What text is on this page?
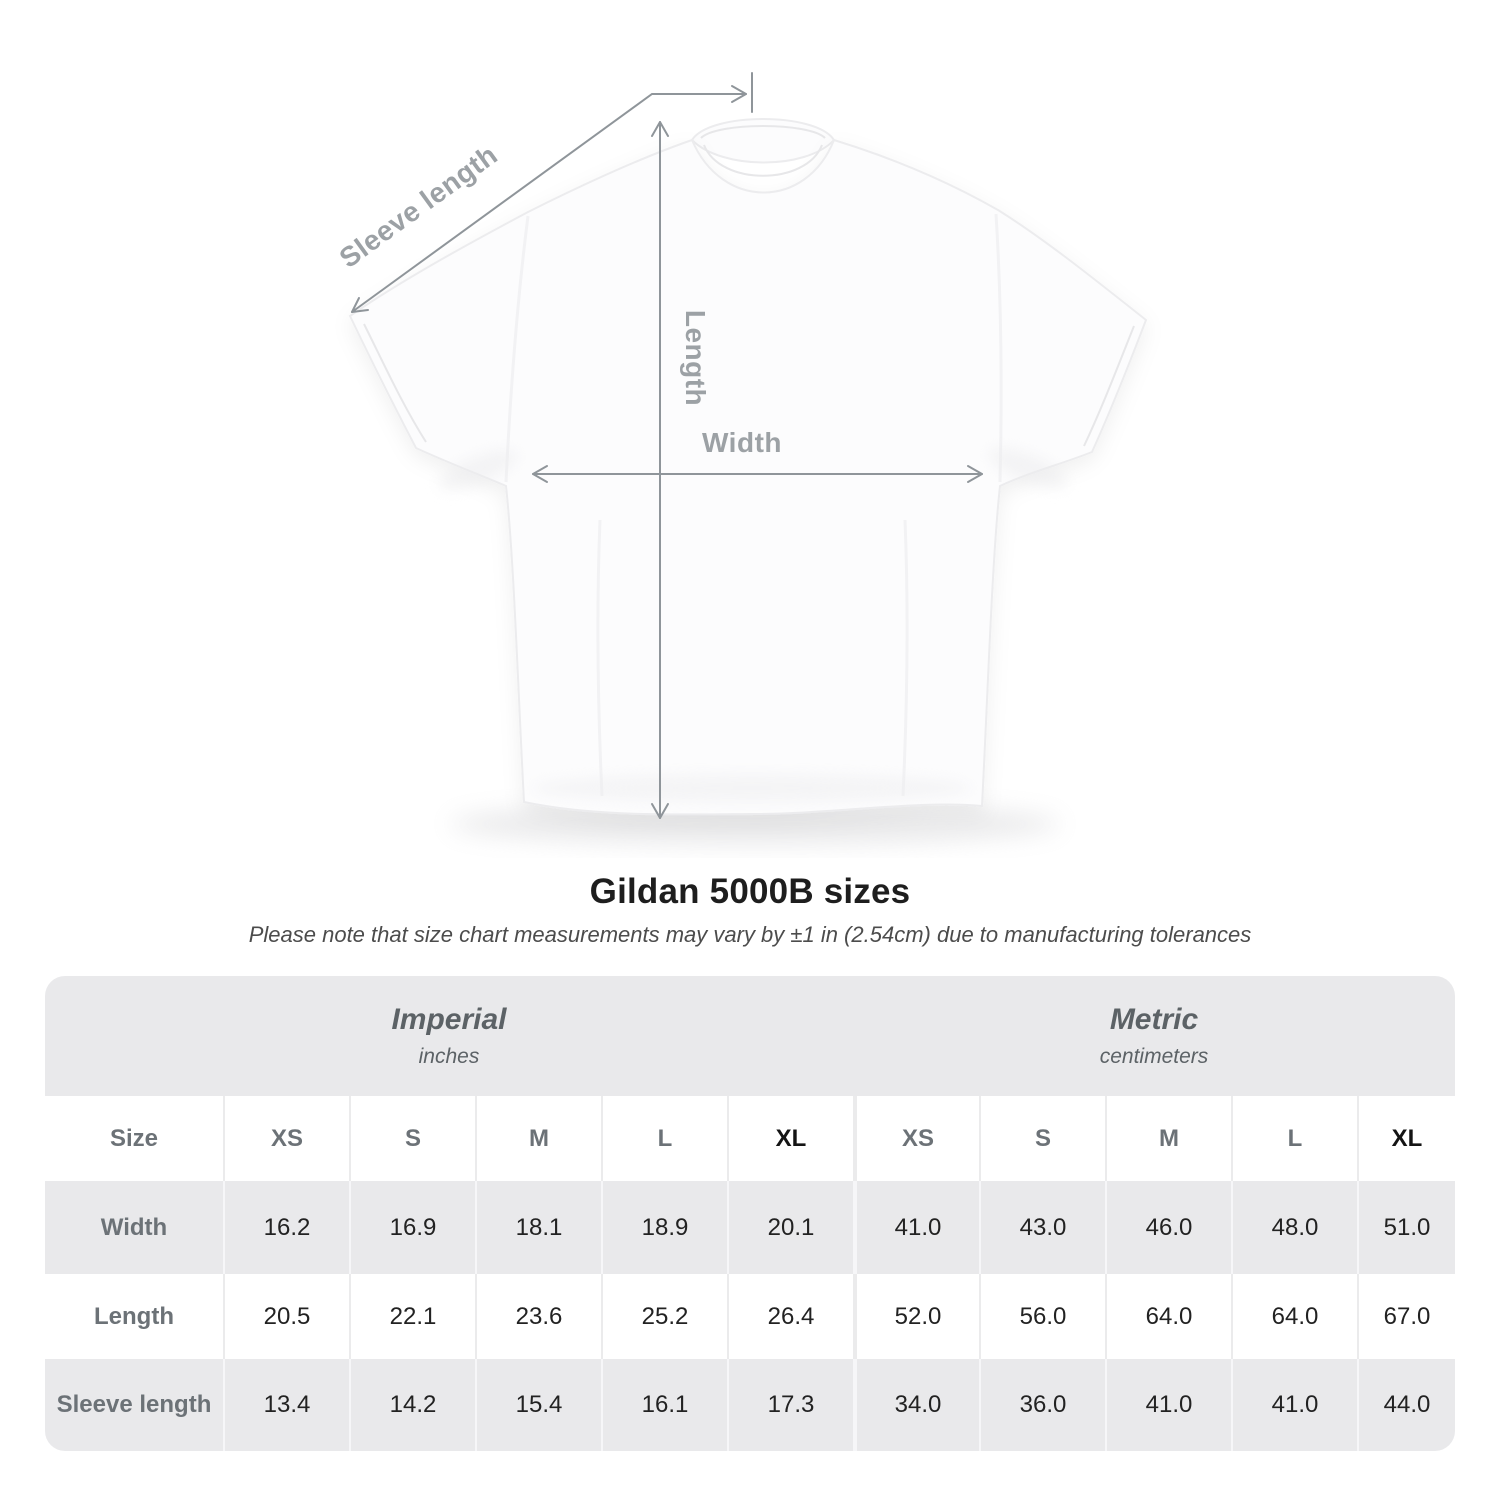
Sleeve length
Length
Width
Gildan 5000B sizes
Please note that size chart measurements may vary by ±1 in (2.54cm) due to manufacturing tolerances
Imperial
inches
Metric
centimeters
Size	XS	S	M	L	XL	XS	S	M	L	XL
Width	16.2	16.9	18.1	18.9	20.1	41.0	43.0	46.0	48.0	51.0
Length	20.5	22.1	23.6	25.2	26.4	52.0	56.0	64.0	64.0	67.0
Sleeve length	13.4	14.2	15.4	16.1	17.3	34.0	36.0	41.0	41.0	44.0
